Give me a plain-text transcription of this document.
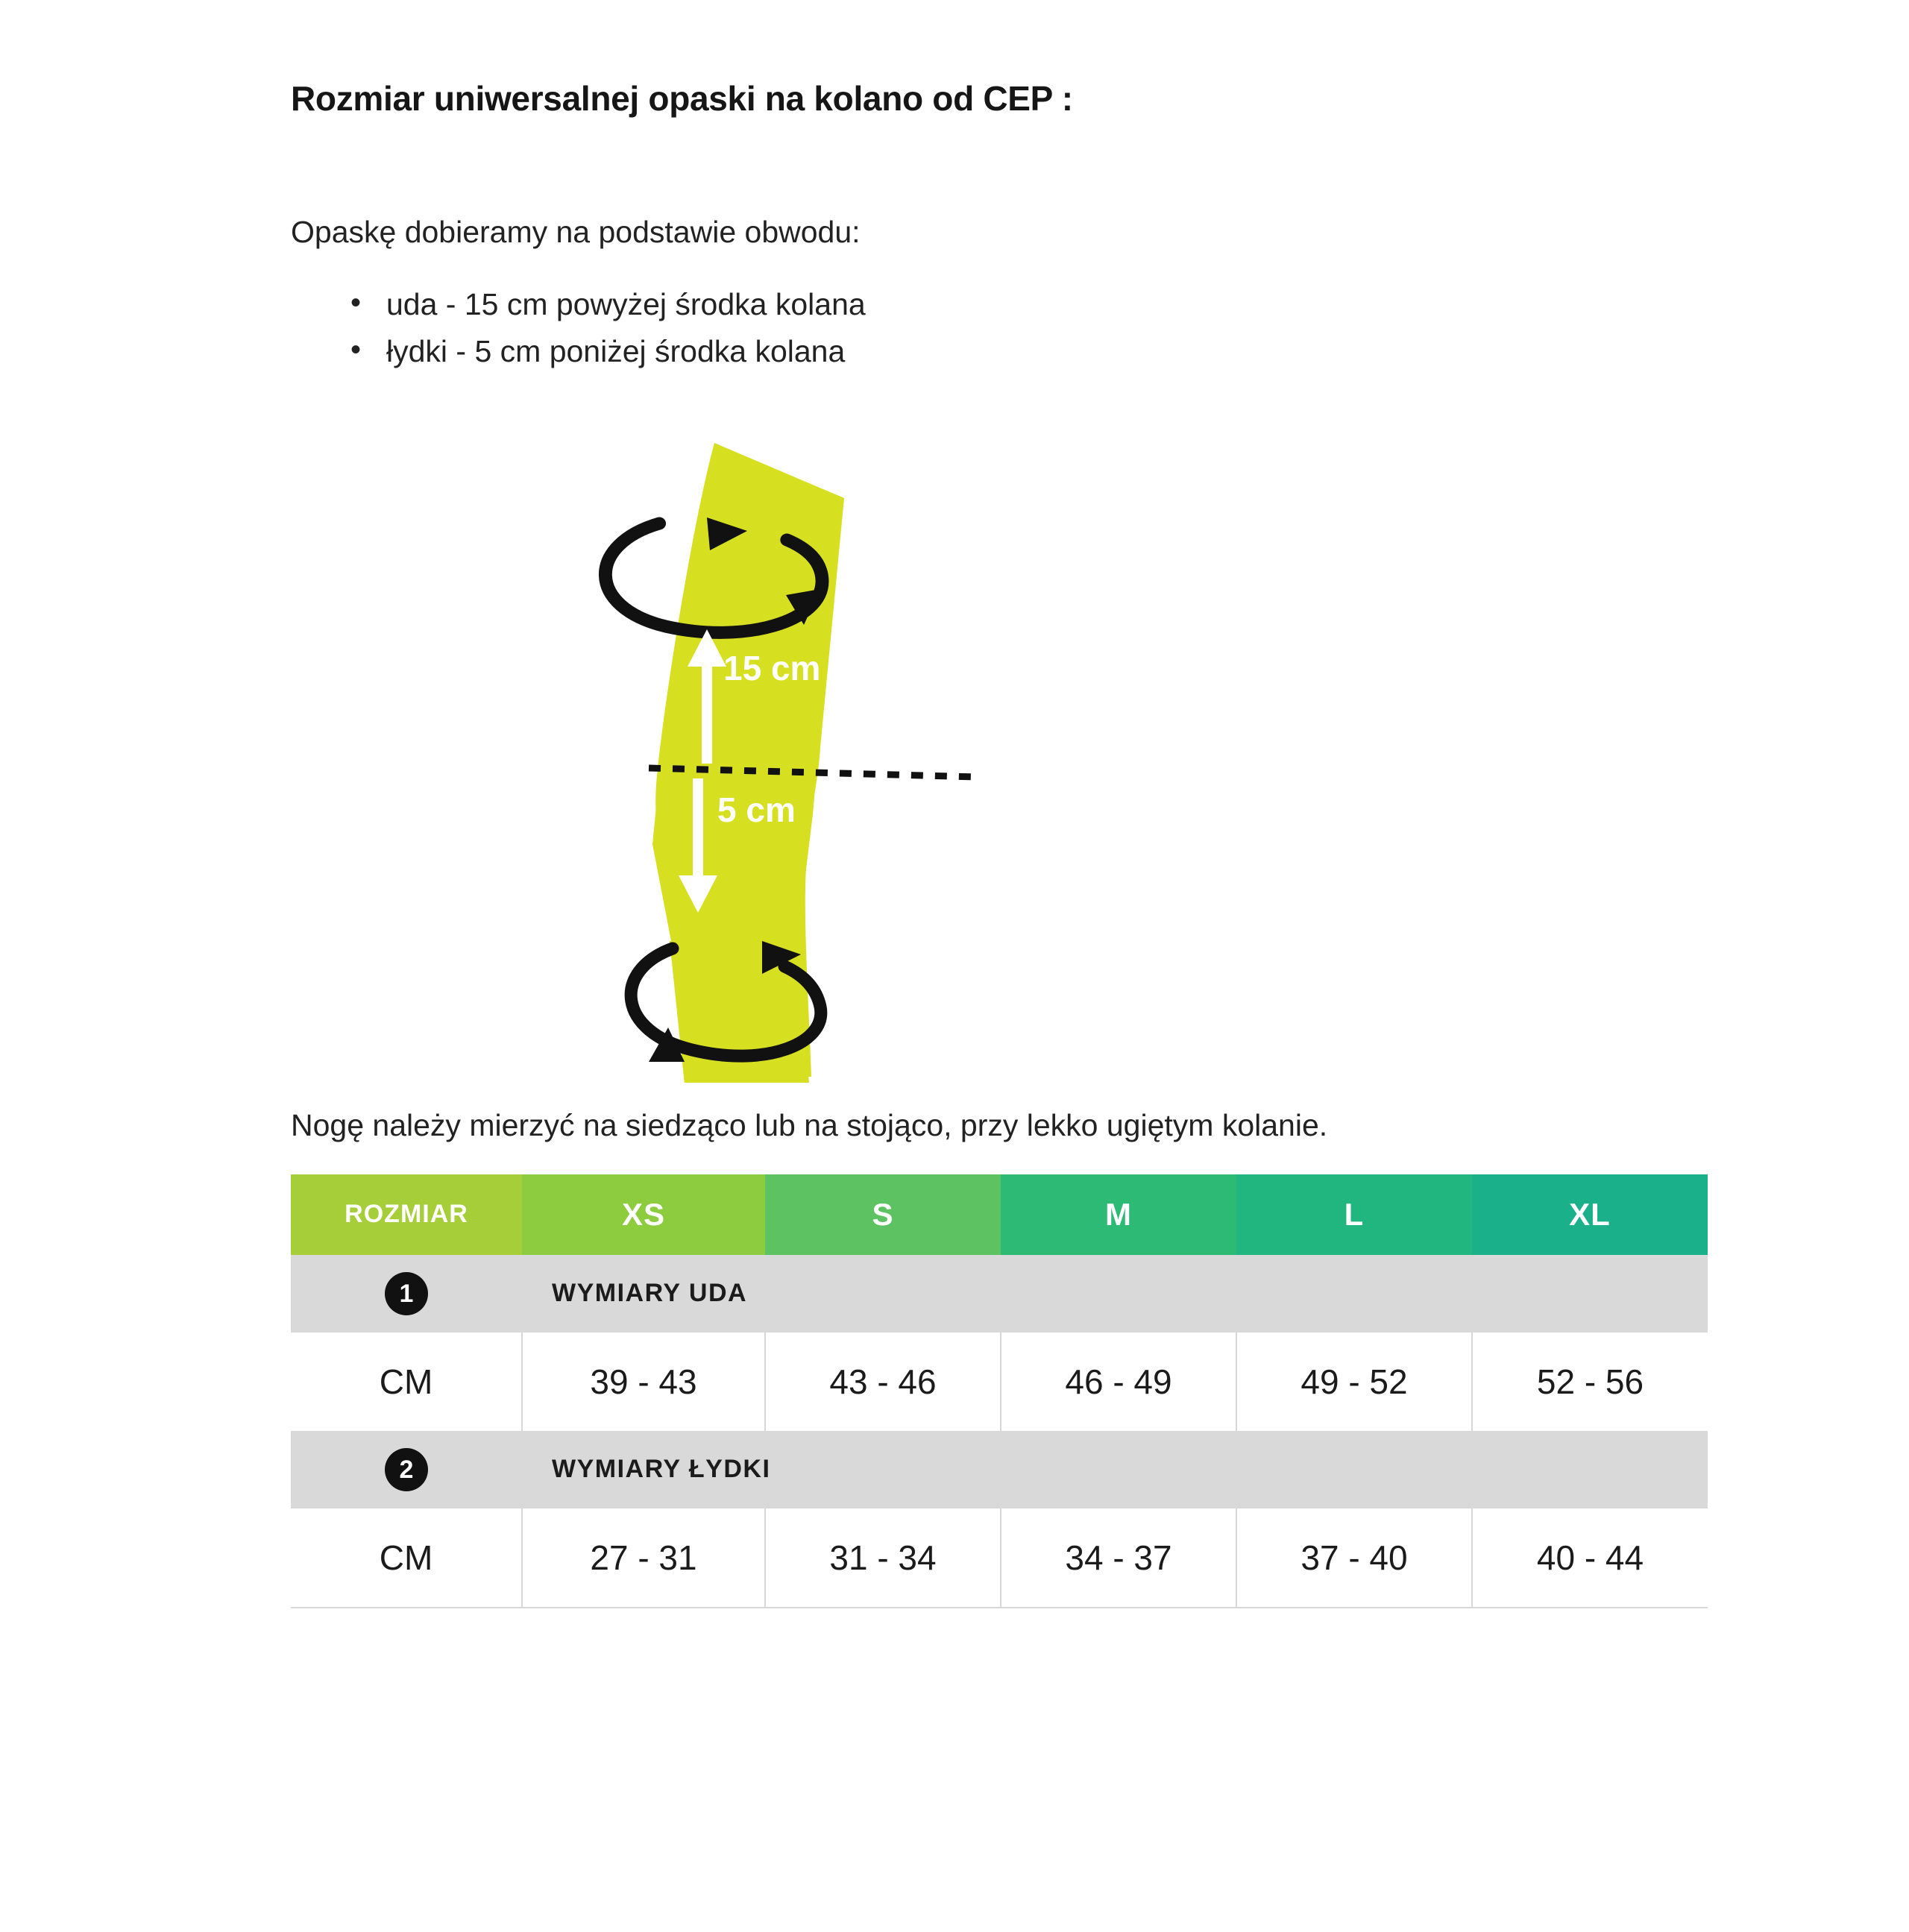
Rozmiar uniwersalnej opaski na kolano od CEP :

Opaskę dobieramy na podstawie obwodu:

• uda - 15 cm powyżej środka kolana
• łydki - 5 cm poniżej środka kolana
15 cm
5 cm

Nogę należy mierzyć na siedząco lub na stojąco, przy lekko ugiętym kolanie.

ROZMIAR	XS	S	M	L	XL
1	WYMIARY UDA				
CM	39 - 43	43 - 46	46 - 49	49 - 52	52 - 56
2	WYMIARY ŁYDKI				
CM	27 - 31	31 - 34	34 - 37	37 - 40	40 - 44
